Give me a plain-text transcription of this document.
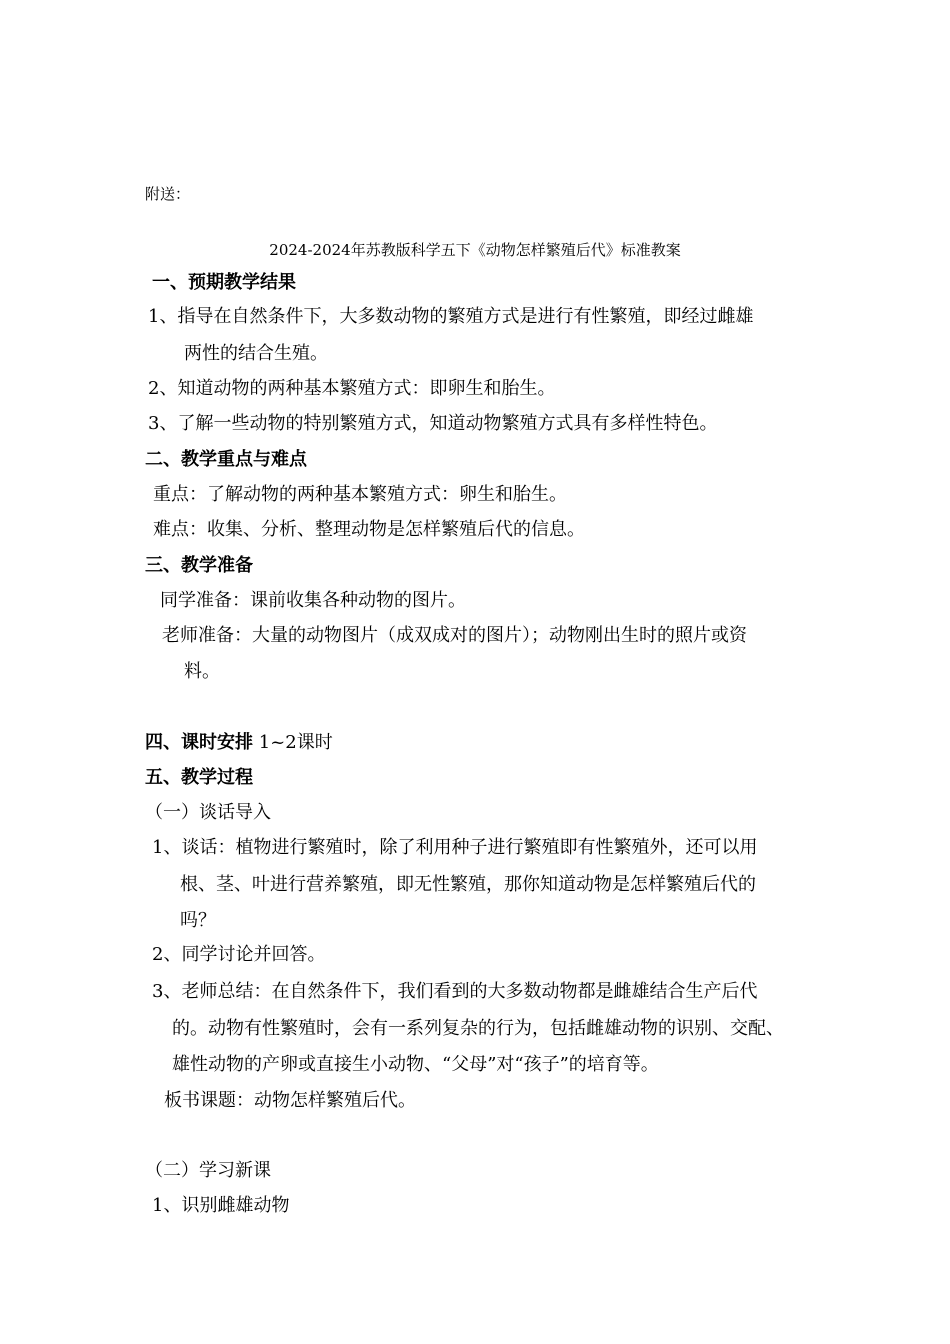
附送：
2024-2024年苏教版科学五下《动物怎样繁殖后代》标准教案
一、预期教学结果
1、指导在自然条件下，大多数动物的繁殖方式是进行有性繁殖，即经过雌雄
两性的结合生殖。
2、知道动物的两种基本繁殖方式：即卵生和胎生。
3、了解一些动物的特别繁殖方式，知道动物繁殖方式具有多样性特色。
二、教学重点与难点
重点：了解动物的两种基本繁殖方式：卵生和胎生。
难点：收集、分析、整理动物是怎样繁殖后代的信息。
三、教学准备
同学准备：课前收集各种动物的图片。
老师准备：大量的动物图片（成双成对的图片）；动物刚出生时的照片或资
料。
四、课时安排 1~2课时
五、教学过程
（一）谈话导入
1、谈话：植物进行繁殖时，除了利用种子进行繁殖即有性繁殖外，还可以用
根、茎、叶进行营养繁殖，即无性繁殖，那你知道动物是怎样繁殖后代的
吗？
2、同学讨论并回答。
3、老师总结：在自然条件下，我们看到的大多数动物都是雌雄结合生产后代
的。动物有性繁殖时，会有一系列复杂的行为，包括雌雄动物的识别、交配、
雄性动物的产卵或直接生小动物、“父母”对“孩子”的培育等。
板书课题：动物怎样繁殖后代。
（二）学习新课
1、识别雌雄动物
